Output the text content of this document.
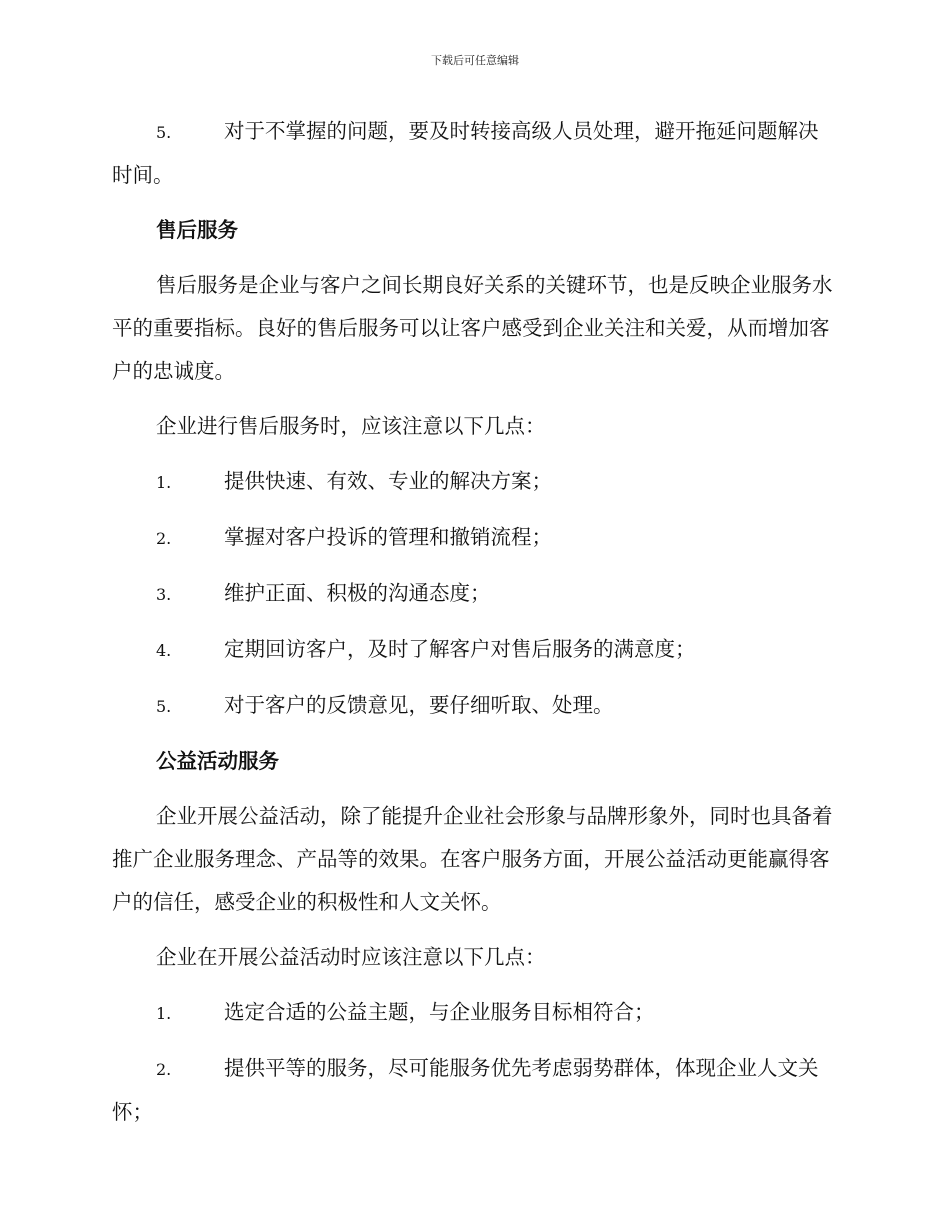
下载后可任意编辑
5.	对于不掌握的问题，要及时转接高级人员处理，避开拖延问题解决时间。
售后服务
售后服务是企业与客户之间长期良好关系的关键环节，也是反映企业服务水平的重要指标。良好的售后服务可以让客户感受到企业关注和关爱，从而增加客户的忠诚度。
企业进行售后服务时，应该注意以下几点：
1.	提供快速、有效、专业的解决方案；
2.	掌握对客户投诉的管理和撤销流程；
3.	维护正面、积极的沟通态度；
4.	定期回访客户，及时了解客户对售后服务的满意度；
5.	对于客户的反馈意见，要仔细听取、处理。
公益活动服务
企业开展公益活动，除了能提升企业社会形象与品牌形象外，同时也具备着推广企业服务理念、产品等的效果。在客户服务方面，开展公益活动更能赢得客户的信任，感受企业的积极性和人文关怀。
企业在开展公益活动时应该注意以下几点：
1.	选定合适的公益主题，与企业服务目标相符合；
2.	提供平等的服务，尽可能服务优先考虑弱势群体，体现企业人文关怀；
